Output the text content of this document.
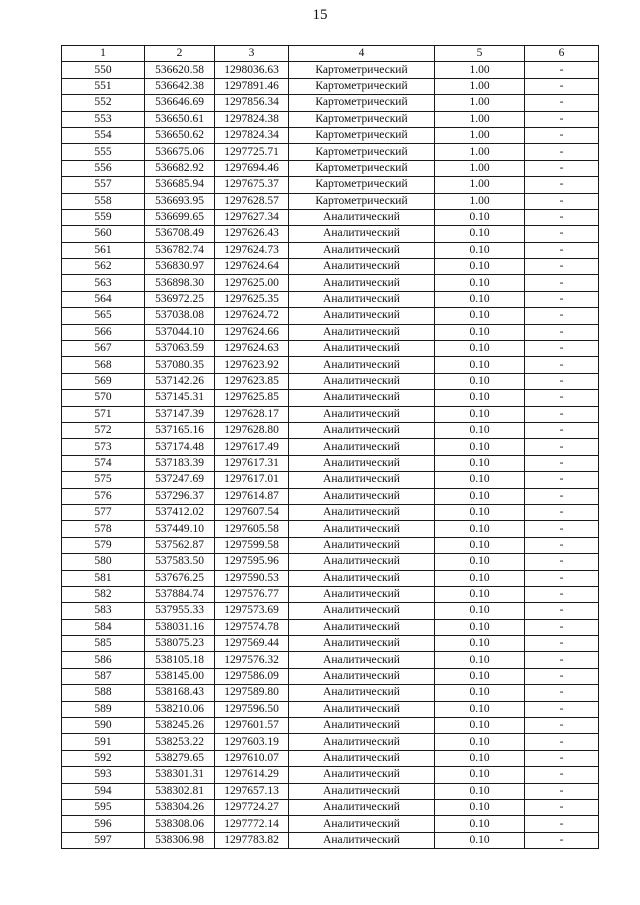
15
1	2	3	4	5	6
550	536620.58	1298036.63	Картометрический	1.00	-
551	536642.38	1297891.46	Картометрический	1.00	-
552	536646.69	1297856.34	Картометрический	1.00	-
553	536650.61	1297824.38	Картометрический	1.00	-
554	536650.62	1297824.34	Картометрический	1.00	-
555	536675.06	1297725.71	Картометрический	1.00	-
556	536682.92	1297694.46	Картометрический	1.00	-
557	536685.94	1297675.37	Картометрический	1.00	-
558	536693.95	1297628.57	Картометрический	1.00	-
559	536699.65	1297627.34	Аналитический	0.10	-
560	536708.49	1297626.43	Аналитический	0.10	-
561	536782.74	1297624.73	Аналитический	0.10	-
562	536830.97	1297624.64	Аналитический	0.10	-
563	536898.30	1297625.00	Аналитический	0.10	-
564	536972.25	1297625.35	Аналитический	0.10	-
565	537038.08	1297624.72	Аналитический	0.10	-
566	537044.10	1297624.66	Аналитический	0.10	-
567	537063.59	1297624.63	Аналитический	0.10	-
568	537080.35	1297623.92	Аналитический	0.10	-
569	537142.26	1297623.85	Аналитический	0.10	-
570	537145.31	1297625.85	Аналитический	0.10	-
571	537147.39	1297628.17	Аналитический	0.10	-
572	537165.16	1297628.80	Аналитический	0.10	-
573	537174.48	1297617.49	Аналитический	0.10	-
574	537183.39	1297617.31	Аналитический	0.10	-
575	537247.69	1297617.01	Аналитический	0.10	-
576	537296.37	1297614.87	Аналитический	0.10	-
577	537412.02	1297607.54	Аналитический	0.10	-
578	537449.10	1297605.58	Аналитический	0.10	-
579	537562.87	1297599.58	Аналитический	0.10	-
580	537583.50	1297595.96	Аналитический	0.10	-
581	537676.25	1297590.53	Аналитический	0.10	-
582	537884.74	1297576.77	Аналитический	0.10	-
583	537955.33	1297573.69	Аналитический	0.10	-
584	538031.16	1297574.78	Аналитический	0.10	-
585	538075.23	1297569.44	Аналитический	0.10	-
586	538105.18	1297576.32	Аналитический	0.10	-
587	538145.00	1297586.09	Аналитический	0.10	-
588	538168.43	1297589.80	Аналитический	0.10	-
589	538210.06	1297596.50	Аналитический	0.10	-
590	538245.26	1297601.57	Аналитический	0.10	-
591	538253.22	1297603.19	Аналитический	0.10	-
592	538279.65	1297610.07	Аналитический	0.10	-
593	538301.31	1297614.29	Аналитический	0.10	-
594	538302.81	1297657.13	Аналитический	0.10	-
595	538304.26	1297724.27	Аналитический	0.10	-
596	538308.06	1297772.14	Аналитический	0.10	-
597	538306.98	1297783.82	Аналитический	0.10	-
